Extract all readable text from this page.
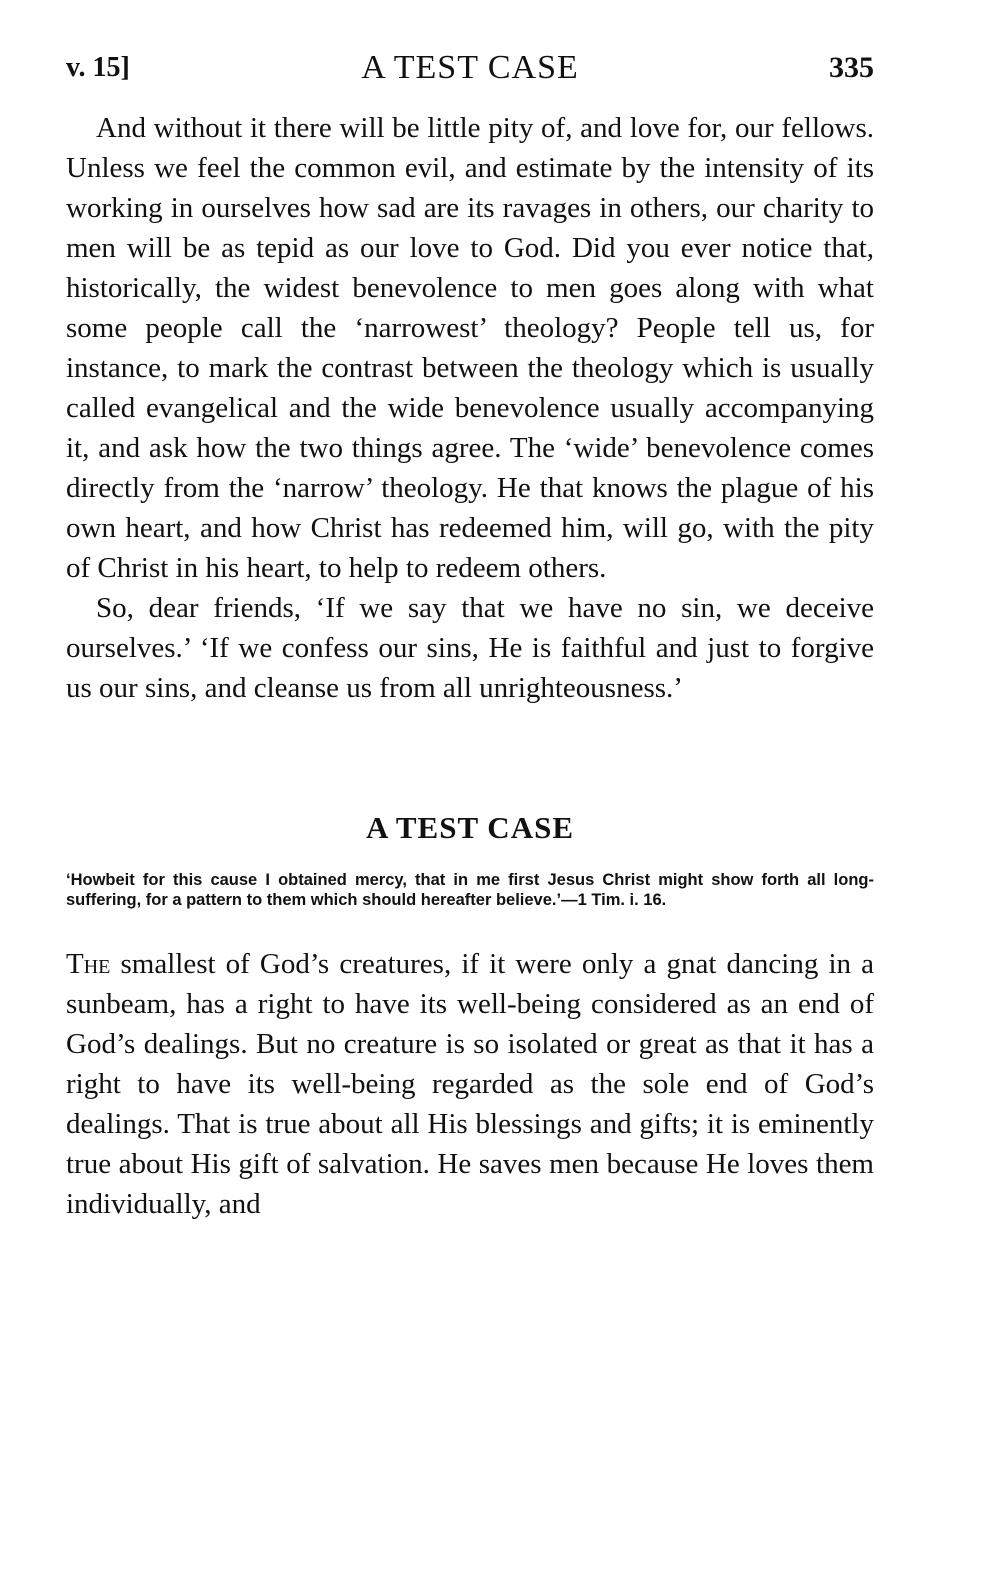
v. 15]	A TEST CASE	335

And without it there will be little pity of, and love for, our fellows. Unless we feel the common evil, and estimate by the intensity of its working in ourselves how sad are its ravages in others, our charity to men will be as tepid as our love to God. Did you ever notice that, historically, the widest benevolence to men goes along with what some people call the ‘narrowest’ theology? People tell us, for instance, to mark the contrast between the theology which is usually called evangelical and the wide benevolence usually accompanying it, and ask how the two things agree. The ‘wide’ benevolence comes directly from the ‘narrow’ theology. He that knows the plague of his own heart, and how Christ has redeemed him, will go, with the pity of Christ in his heart, to help to redeem others.

So, dear friends, ‘If we say that we have no sin, we deceive ourselves.’ ‘If we confess our sins, He is faithful and just to forgive us our sins, and cleanse us from all unrighteousness.’

A TEST CASE
‘Howbeit for this cause I obtained mercy, that in me first Jesus Christ might show forth all long-suffering, for a pattern to them which should hereafter believe.’—1 Tim. i. 16.

The smallest of God’s creatures, if it were only a gnat dancing in a sunbeam, has a right to have its well-being considered as an end of God’s dealings. But no creature is so isolated or great as that it has a right to have its well-being regarded as the sole end of God’s dealings. That is true about all His blessings and gifts; it is eminently true about His gift of salvation. He saves men because He loves them individually, and
